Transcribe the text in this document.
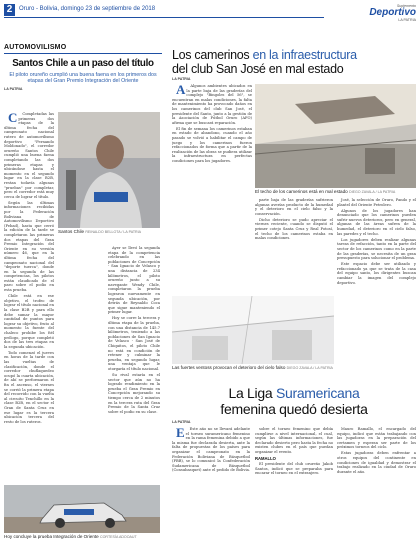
2	Oruro - Bolivia, domingo 23 de septiembre de 2018	Suplemento
Deportivo
LA PATRIA
AUTOMOVILISMO
Santos Chile a un paso del título
El piloto orureño cumplió una buena faena en los primeros dos etapas del Gran Premio Integración del Oriente
LA PATRIA

C Completadas las primeras dos etapas de la última fecha del campeonato nacional rutero de automovilismo deportivo "Fernando Moldonado", el corredor orureño Santos Chile cumplió una buena faena completando las dos primeras etapas y ubicándose hasta el momento en el segundo lugar en la clase B2B, restan todavía algunas "pruebas" por completar, pero el corredor está muy cerca de lograr el título.

Según las últimas informaciones recibidas por la Federación Boliviana de Automovilismo Deportivo (Febad), hasta que cerró la edición de la tarde se completaron las primeras dos etapas del Gran Premio Integración del Oriente en su versión número 46, que en la última fecha del campeonato nacional del "deporte tuerca", donde en la segunda de las competencias, los pilotos están claudicado de el paro sobre el podio en esta prueba.

Chile está en ese objetivo, el trofeo de lograr el título nacional en la clase B2B y para ello debe sumar la mayor cantidad de puntos para lograr su objetivo, fruto al momento la fuente del chaleco prohibe los fiél prólogo, porque completó dos de las tres etapas en la segunda ubicación.

Todo comenzó el jueves en horas de la tarde con las vueltas de clasificación, donde el corredor chuflaquedeo ocupó la cuarta ubicación, de ahí se performaron el fin el ascenso, el viernes se corrió la primera etapa del recorrido con la vuelta al circuito Tenchillo en la clase B2B, en el sector el Gran de Santa Cruz en ese lugar es la tercera ubicación tercera del resto de los ruteros.

Santos Chile REINALDO BELLOTA / LA PATRIA

Ayer se llevó la segunda etapa de la competencia celebrando en las poblaciones de Concepción - San Ignacio de Velasco y una distancia de 234 kilómetros, el piloto orureño junto a su navegante Wendy Chile, completaron la prueba lograron nuevamente en segunda ubicación, por detrás de Reynaldo Coca que sigue manteniendo el primer lugar.

Hoy se corre la tercera y última etapa de la prueba, con una distancia de 145.7 kilómetros, teniendo a las poblaciones de San Ignacio de Velasco - San José de Chiquitos, el piloto Chile no está en condición de retener y culminar la prueba, en segundo lugar, una ventaja que le otorgaría el título nacional.

Su rival estaría en el sector que aún no ha logrado rendimiento en la prueba el Gran Premio en Concepción mejorando su tiempo cerca de 2 minutos en la tercera ruta del Gran Premio de la Santa Cruz sobre el podio en su clase.

Hoy concluye la prueba Integración de Oriente CORTESÍA ADOOAUT
Los camerinos en la infraestructura
del club San José en mal estado
LA PATRIA

A Algunos ambientes ubicados en la parte baja de las graderías del complejo "Bingoles del 56", se encuentran en malas condiciones, la falta de mantenimiento ha provocado daños en los camerinos del club San José, el presidente del Santo, junto a la gestión de la Asociación de Fútbol Oruro (AFO) afirma que se buscará reparación.

El fin de semana los camerinos estaban en estado de abandono, cuando el año pasado se volvió a habilitar el campo de juego y los camerinos fueron refaccionados de forma que a partir de la realización de las obras se pudiera utilizar la infraestructura en perfectas condiciones para los jugadores.

El techo de los camerinos está en mal estado DIEGO ZAVALA / LA PATRIA

parte baja de las graderías sufrieron algunas averías producto de la humedad y el deterioro en el cielo falso y la conservación.

Dicho deterioro se pudo apreciar el viernes reciente, cuando se disputó el primer cotejo Santa Cruz y Real Potosí, el techo de los camerinos estaba en malas condiciones.

José, la selección de Oruro, Pando y el plantel del Oriente Petrolero.

Algunos de los jugadores han denunciado que los camerinos pueden sufrir nuevos deterioros, pero en general, algunas de las áreas sufren de la humedad, el deterioro en el cielo falso, las paredes y el techo.

Los jugadores deben realizar algunas tareas de refacción, tanto en la parte del sector de los camerinos como en la parte de las graderías, se necesita de un gran presupuesto para solucionar el problema.

Este espacio debe ser utilizado y refaccionado ya que se trata de la casa del equipo santo, los dirigentes buscan cambiar la imagen del complejo deportivo.

Las fuertes ventoss provocan el deterioro del cielo falso DIEGO ZAVALA / LA PATRIA
La Liga Suramericana
femenina quedó desierta
LA PATRIA

E Este año no se llevará adelante el torneo suramericano femenino en la rama femenina debido a que la misma fue declarada desierta, ante la falta de propuestas de los países para organizar el campeonato en la Federación Boliviana de Básquetbol (FBB), se lo comunicó la Confederación Sudamericana de Básquetbol (Consubasquet) ante el pedido de Bolivia.

sobre el torneo femenino que debía cumplirse a nivel internacional, el cual, según las últimas informaciones, fue declarado desierto pero hasta la fecha no existen clubes en el país que puedan organizar el evento.

RAMALLO

El presidente del club orureño Jakob Santos, indicó que se preparaba para encarar el torneo en el extranjero.

Mauro Ramallo, el encargado del equipo, indicó que están trabajando con las jugadoras en la preparación del certamen y esperan ser parte de los próximos torneos del ciclo.

Estas jugadoras deben enfrentar a otros equipos del continente en condiciones de igualdad y demostrar el trabajo realizado en la ciudad de Oruro durante el año.
